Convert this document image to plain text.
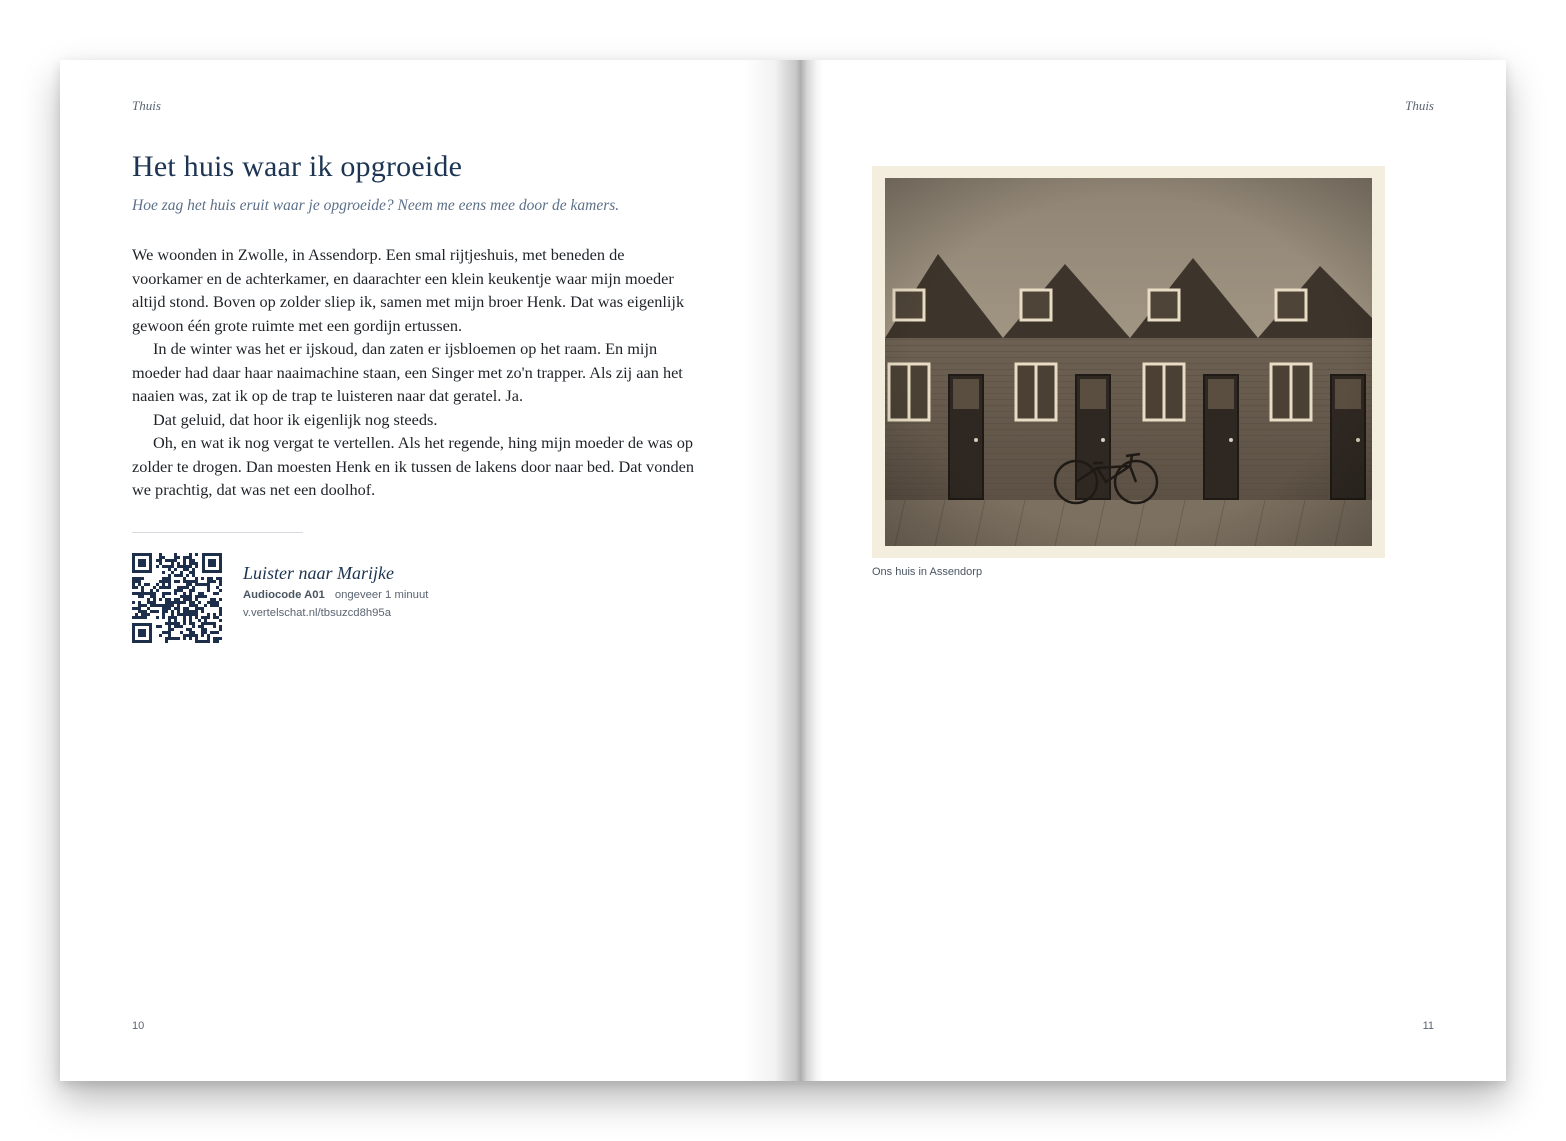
Thuis
Het huis waar ik opgroeide
Hoe zag het huis eruit waar je opgroeide? Neem me eens mee door de kamers.

We woonden in Zwolle, in Assendorp. Een smal rijtjeshuis, met beneden de voorkamer en de achterkamer, en daarachter een klein keukentje waar mijn moeder altijd stond. Boven op zolder sliep ik, samen met mijn broer Henk. Dat was eigenlijk gewoon één grote ruimte met een gordijn ertussen.

In de winter was het er ijskoud, dan zaten er ijsbloemen op het raam. En mijn moeder had daar haar naaimachine staan, een Singer met zo'n trapper. Als zij aan het naaien was, zat ik op de trap te luisteren naar dat geratel. Ja.

Dat geluid, dat hoor ik eigenlijk nog steeds.

Oh, en wat ik nog vergat te vertellen. Als het regende, hing mijn moeder de was op zolder te drogen. Dan moesten Henk en ik tussen de lakens door naar bed. Dat vonden we prachtig, dat was net een doolhof.

Luister naar Marijke
Audiocode A01 ongeveer 1 minuut
v.vertelschat.nl/tbsuzcd8h95a
10
Thuis
Ons huis in Assendorp
11
